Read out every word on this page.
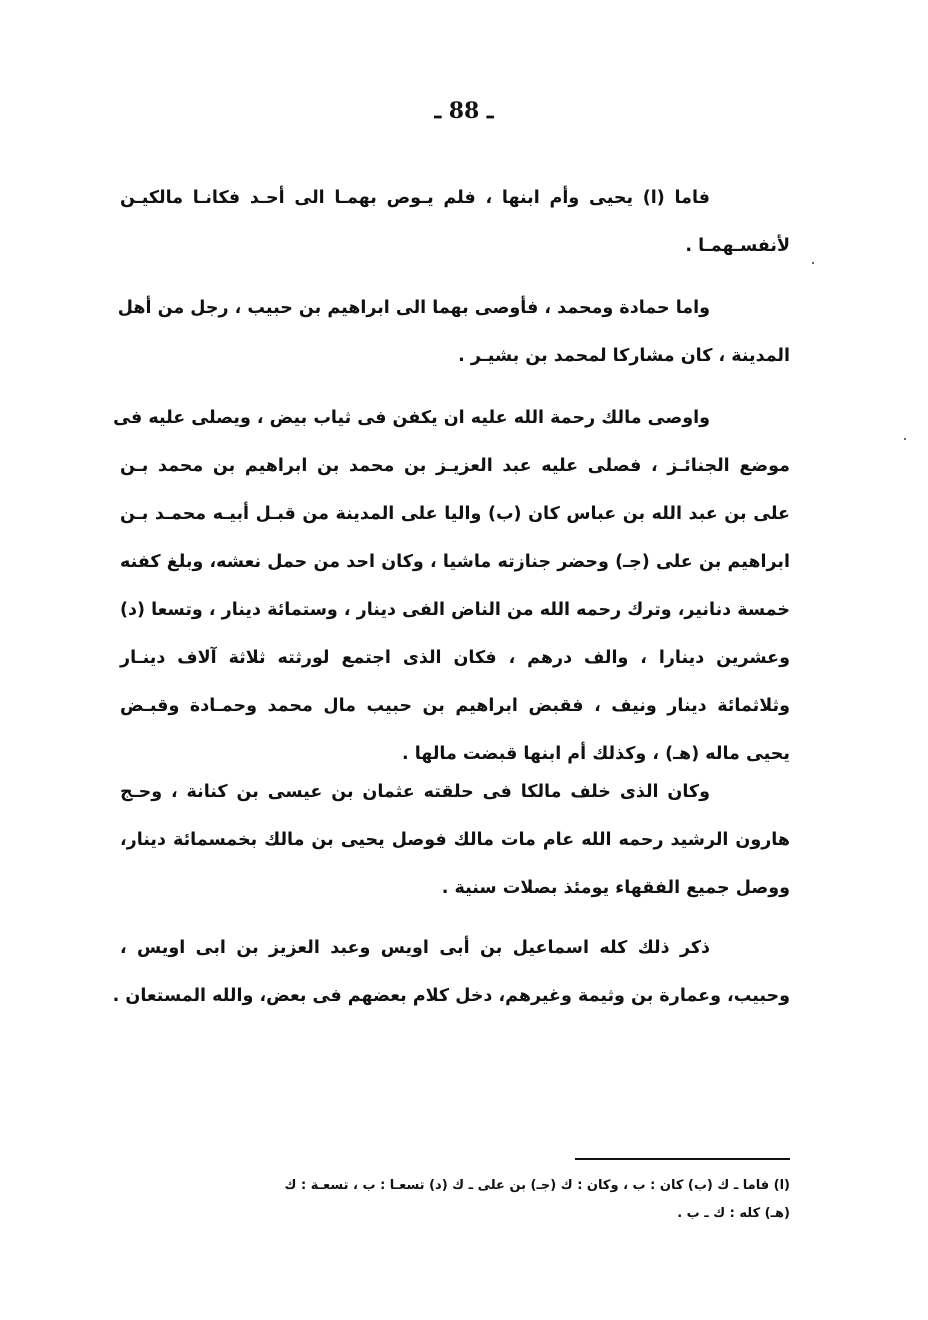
ـ 88 ـ
فاما (ا) يحيى وأم ابنها ، فلم يـوص بهمـا الى أحـد فكانـا مالكيـن
لأنفسـهمـا .
واما حمادة ومحمد ، فأوصى بهما الى ابراهيم بن حبيب ، رجل من أهل
المدينة ، كان مشاركا لمحمد بن بشيـر .
واوصى مالك رحمة الله عليه ان يكفن فى ثياب بيض ، ويصلى عليه فى
موضع الجنائـز ، فصلى عليه عبد العزيـز بن محمد بن ابراهيم بن محمد بـن
على بن عبد الله بن عباس كان (ب) واليا على المدينة من قبـل أبيـه محمـد بـن
ابراهيم بن على (جـ) وحضر جنازته ماشيا ، وكان احد من حمل نعشه، وبلغ كفنه
خمسة دنانير، وترك رحمه الله من الناض الفى دينار ، وستمائة دينار ، وتسعا (د)
وعشرين دينارا ، والف درهم ، فكان الذى اجتمع لورثته ثلاثة آلاف دينـار
وثلاثمائة دينار ونيف ، فقبض ابراهيم بن حبيب مال محمد وحمـادة وقبـض
يحيى ماله (هـ) ، وكذلك أم ابنها قبضت مالها .
وكان الذى خلف مالكا فى حلقته عثمان بن عيسى بن كنانة ، وحـج
هارون الرشيد رحمه الله عام مات مالك فوصل يحيى بن مالك بخمسمائة دينار،
ووصل جميع الفقهاء يومئذ بصلات سنية .
ذكر ذلك كله اسماعيل بن أبى اويس وعبد العزيز بن ابى اويس ،
وحبيب، وعمارة بن وثيمة وغيرهم، دخل كلام بعضهم فى بعض، والله المستعان .
(ا) فاما ـ ك (ب) كان : ب ، وكان : ك (جـ) بن على ـ ك (د) تسعـا : ب ، تسعـة : ك
(هـ) كله : ك ـ ب .
